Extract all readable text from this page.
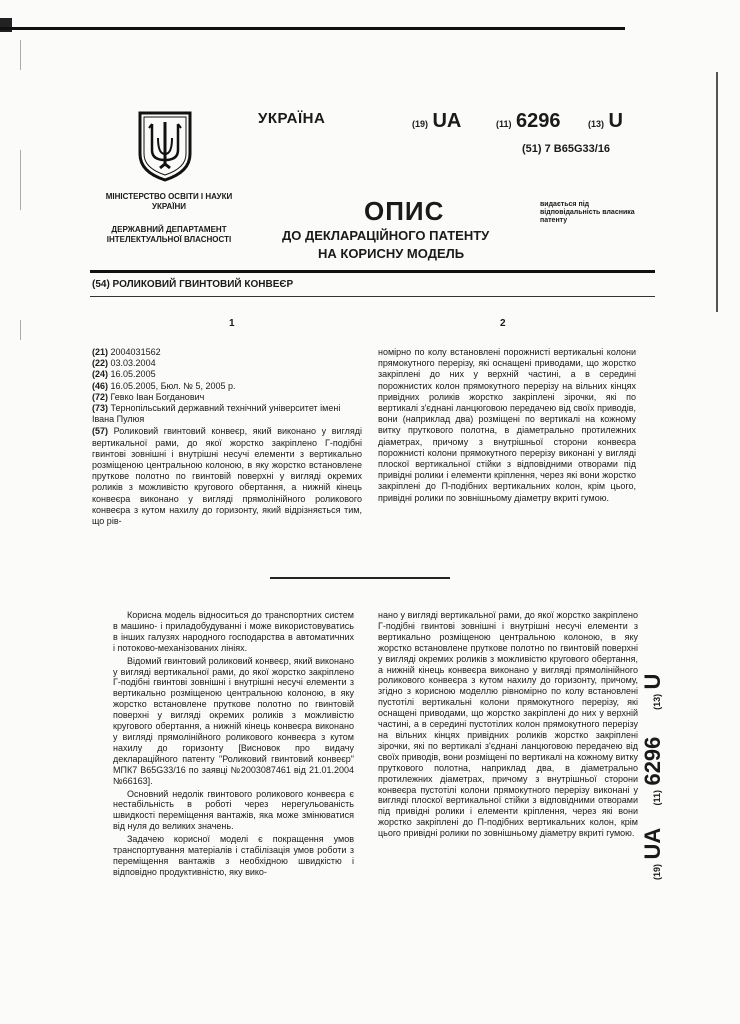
МІНІСТЕРСТВО ОСВІТИ І НАУКИ УКРАЇНИ
ДЕРЖАВНИЙ ДЕПАРТАМЕНТ ІНТЕЛЕКТУАЛЬНОЇ ВЛАСНОСТІ
УКРАЇНА	(19) UA	(11) 6296	(13) U
(51) 7 B65G33/16
ОПИС
ДО ДЕКЛАРАЦІЙНОГО ПАТЕНТУ
НА КОРИСНУ МОДЕЛЬ
видається під відповідальність власника патенту
(54) РОЛИКОВИЙ ГВИНТОВИЙ КОНВЕЄР
1	2
(21) 2004031562
(22) 03.03.2004
(24) 16.05.2005
(46) 16.05.2005, Бюл. № 5, 2005 р.
(72) Гевко Іван Богданович
(73) Тернопільський державний технічний університет імені Івана Пулюя
(57) Роликовий гвинтовий конвеєр, який виконано у вигляді вертикальної рами, до якої жорстко закріплено Г-подібні гвинтові зовнішні і внутрішні несучі елементи з вертикально розміщеною центральною колоною, в яку жорстко встановлене пруткове полотно по гвинтовій поверхні у вигляді окремих роликів з можливістю кругового обертання, а нижній кінець конвеєра виконано у вигляді прямолінійного роликового конвеєра з кутом нахилу до горизонту, який відрізняється тим, що рів-
номірно по колу встановлені порожнисті вертикальні колони прямокутного перерізу, які оснащені приводами, що жорстко закріплені до них у верхній частині, а в середині порожнистих колон прямокутного перерізу на вільних кінцях привідних роликів жорстко закріплені зірочки, які по вертикалі з'єднані ланцюговою передачею від своїх приводів, вони (наприклад два) розміщені по вертикалі на кожному витку пруткового полотна, в діаметрально протилежних діаметрах, причому з внутрішньої сторони конвеєра порожнисті колони прямокутного перерізу виконані у вигляді плоскої вертикальної стійки з відповідними отворами під привідні ролики і елементи кріплення, через які вони жорстко закріплені до П-подібних вертикальних колон, крім цього, привідні ролики по зовнішньому діаметру вкриті гумою.

Корисна модель відноситься до транспортних систем в машино- і приладобудуванні і може використовуватись в інших галузях народного господарства в автоматичних і потоково-механізованих лініях.

Відомий гвинтовий роликовий конвеєр, який виконано у вигляді вертикальної рами, до якої жорстко закріплено Г-подібні гвинтові зовнішні і внутрішні несучі елементи з вертикально розміщеною центральною колоною, в яку жорстко встановлене пруткове полотно по гвинтовій поверхні у вигляді окремих роликів з можливістю кругового обертання, а нижній кінець конвеєра виконано у вигляді прямолінійного роликового конвеєра з кутом нахилу до горизонту [Висновок про видачу деклараційного патенту "Роликовий гвинтовий конвеєр" МПК7 B65G33/16 по заявці №2003087461 від 21.01.2004 №66163].

Основний недолік гвинтового роликового конвеєра є нестабільність в роботі через нерегульованість швидкості переміщення вантажів, яка може змінюватися від нуля до великих значень.

Задачею корисної моделі є покращення умов транспортування матеріалів і стабілізація умов роботи з переміщення вантажів з необхідною швидкістю і відповідно продуктивністю, яку вико-

нано у вигляді вертикальної рами, до якої жорстко закріплено Г-подібні гвинтові зовнішні і внутрішні несучі елементи з вертикально розміщеною центральною колоною, в яку жорстко встановлене пруткове полотно по гвинтовій поверхні у вигляді окремих роликів з можливістю кругового обертання, а нижній кінець конвеєра виконано у вигляді прямолінійного роликового конвеєра з кутом нахилу до горизонту, причому, згідно з корисною моделлю рівномірно по колу встановлені пустотілі вертикальні колони прямокутного перерізу, які оснащені приводами, що жорстко закріплені до них у верхній частині, а в середині пустотілих колон прямокутного перерізу на вільних кінцях привідних роликів жорстко закріплені зірочки, які по вертикалі з'єднані ланцюговою передачею від своїх приводів, вони розміщені по вертикалі на кожному витку пруткового полотна, наприклад два, в діаметрально протилежних діаметрах, причому з внутрішньої сторони конвеєра пустотілі колони прямокутного перерізу виконані у вигляді плоскої вертикальної стійки з відповідними отворами під привідні ролики і елементи кріплення, через які вони жорстко закріплені до П-подібних вертикальних колон, крім цього привідні ролики по зовнішньому діаметру вкриті гумою.

(19) UA     (11) 6296      (13) U
